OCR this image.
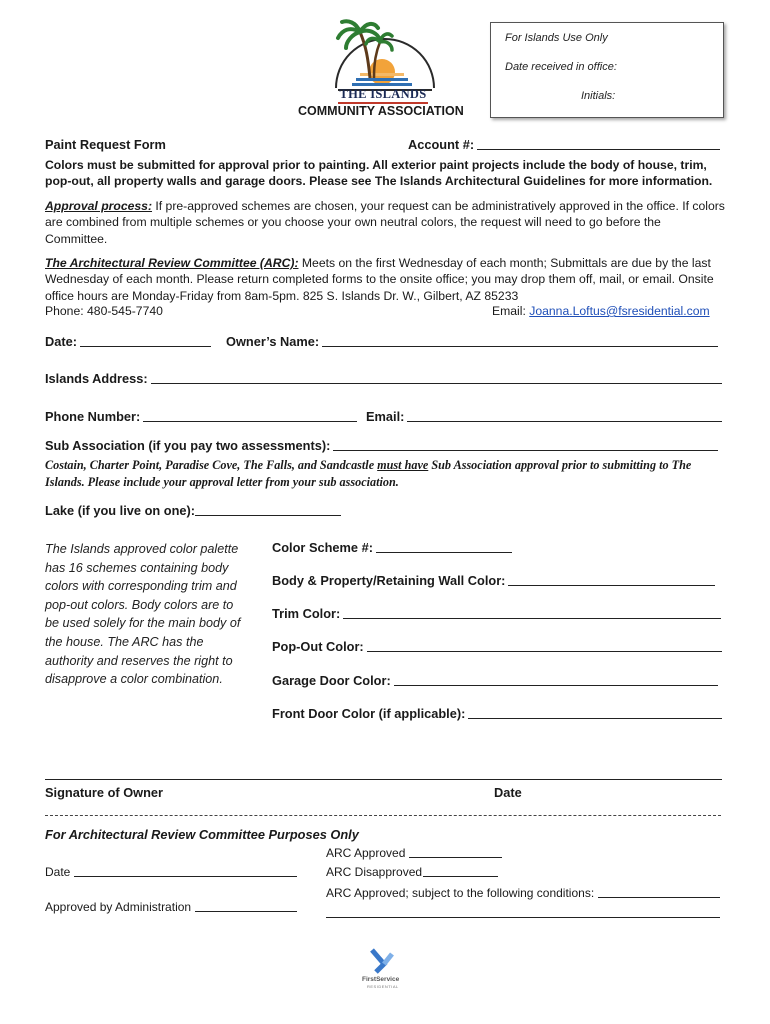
For Islands Use Only
Date received in office:
Initials:
THE ISLANDS
COMMUNITY ASSOCIATION
Paint Request Form	Account #:
Colors must be submitted for approval prior to painting. All exterior paint projects include the body of house, trim, pop-out, all property walls and garage doors. Please see The Islands Architectural Guidelines for more information.
Approval process: If pre-approved schemes are chosen, your request can be administratively approved in the office. If colors are combined from multiple schemes or you choose your own neutral colors, the request will need to go before the Committee.
The Architectural Review Committee (ARC): Meets on the first Wednesday of each month; Submittals are due by the last Wednesday of each month. Please return completed forms to the onsite office; you may drop them off, mail, or email. Onsite office hours are Monday-Friday from 8am-5pm. 825 S. Islands Dr. W., Gilbert, AZ 85233
Phone: 480-545-7740	Email: Joanna.Loftus@fsresidential.com
Date:	Owner’s Name:
Islands Address:
Phone Number:	Email:
Sub Association (if you pay two assessments):
Costain, Charter Point, Paradise Cove, The Falls, and Sandcastle must have Sub Association approval prior to submitting to The Islands. Please include your approval letter from your sub association.
Lake (if you live on one):
The Islands approved color palette has 16 schemes containing body colors with corresponding trim and pop-out colors. Body colors are to be used solely for the main body of the house. The ARC has the authority and reserves the right to disapprove a color combination.
Color Scheme #:
Body & Property/Retaining Wall Color:
Trim Color:
Pop-Out Color:
Garage Door Color:
Front Door Color (if applicable):
Signature of Owner	Date
For Architectural Review Committee Purposes Only
ARC Approved
Date	ARC Disapproved
ARC Approved; subject to the following conditions:
Approved by Administration
FirstService
RESIDENTIAL
